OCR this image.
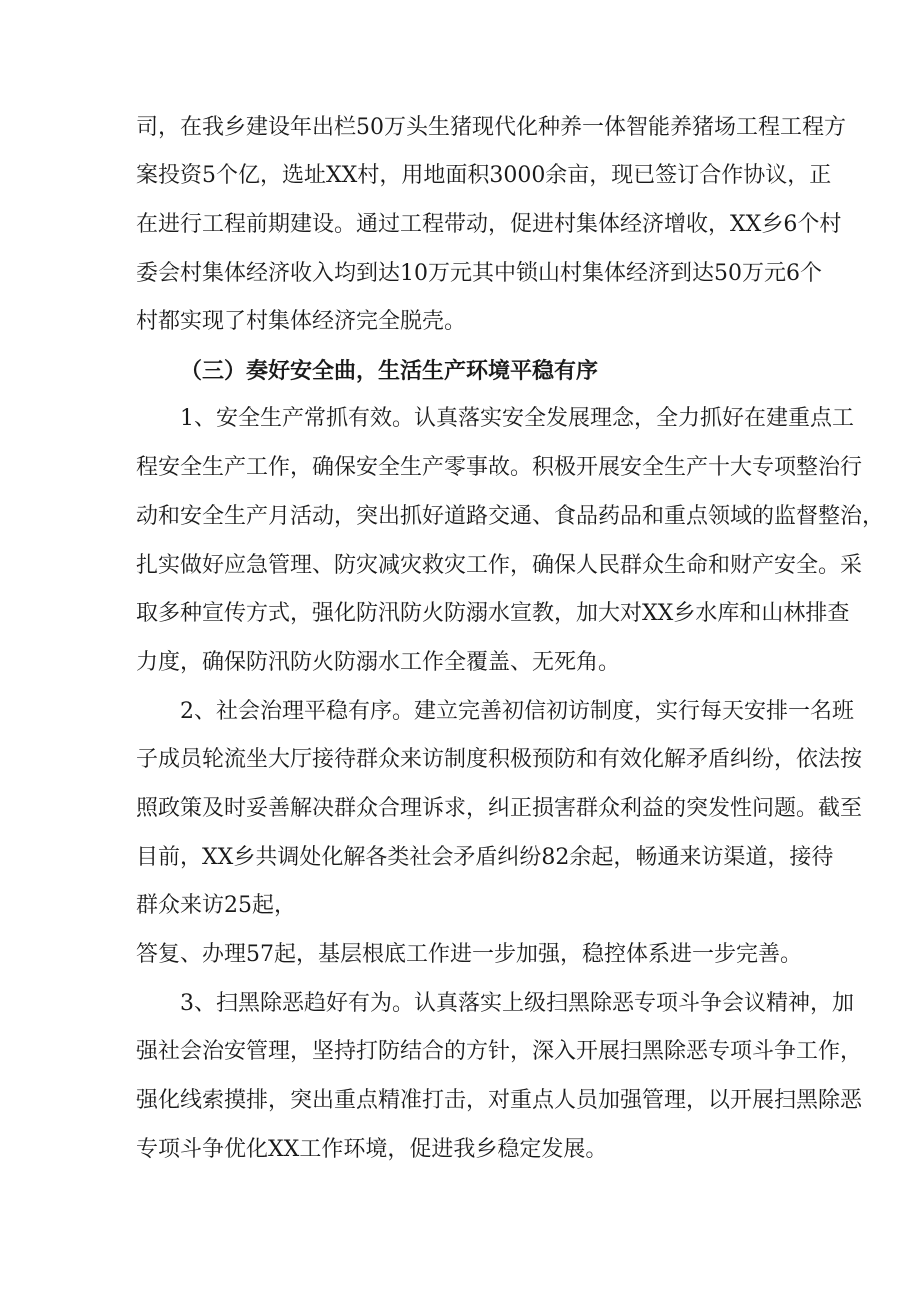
司，在我乡建设年出栏50万头生猪现代化种养一体智能养猪场工程工程方
案投资5个亿，选址XX村，用地面积3000余亩，现已签订合作协议，正
在进行工程前期建设。通过工程带动，促进村集体经济增收，XX乡6个村
委会村集体经济收入均到达10万元其中锁山村集体经济到达50万元6个
村都实现了村集体经济完全脱壳。
（三）奏好安全曲，生活生产环境平稳有序
1、安全生产常抓有效。认真落实安全发展理念，全力抓好在建重点工
程安全生产工作，确保安全生产零事故。积极开展安全生产十大专项整治行
动和安全生产月活动，突出抓好道路交通、食品药品和重点领域的监督整治，
扎实做好应急管理、防灾减灾救灾工作，确保人民群众生命和财产安全。采
取多种宣传方式，强化防汛防火防溺水宣教，加大对XX乡水库和山林排查
力度，确保防汛防火防溺水工作全覆盖、无死角。
2、社会治理平稳有序。建立完善初信初访制度，实行每天安排一名班
子成员轮流坐大厅接待群众来访制度积极预防和有效化解矛盾纠纷，依法按
照政策及时妥善解决群众合理诉求，纠正损害群众利益的突发性问题。截至
目前，XX乡共调处化解各类社会矛盾纠纷82余起，畅通来访渠道，接待
群众来访25起，
答复、办理57起，基层根底工作进一步加强，稳控体系进一步完善。
3、扫黑除恶趋好有为。认真落实上级扫黑除恶专项斗争会议精神，加
强社会治安管理，坚持打防结合的方针，深入开展扫黑除恶专项斗争工作，
强化线索摸排，突出重点精准打击，对重点人员加强管理，以开展扫黑除恶
专项斗争优化XX工作环境，促进我乡稳定发展。
